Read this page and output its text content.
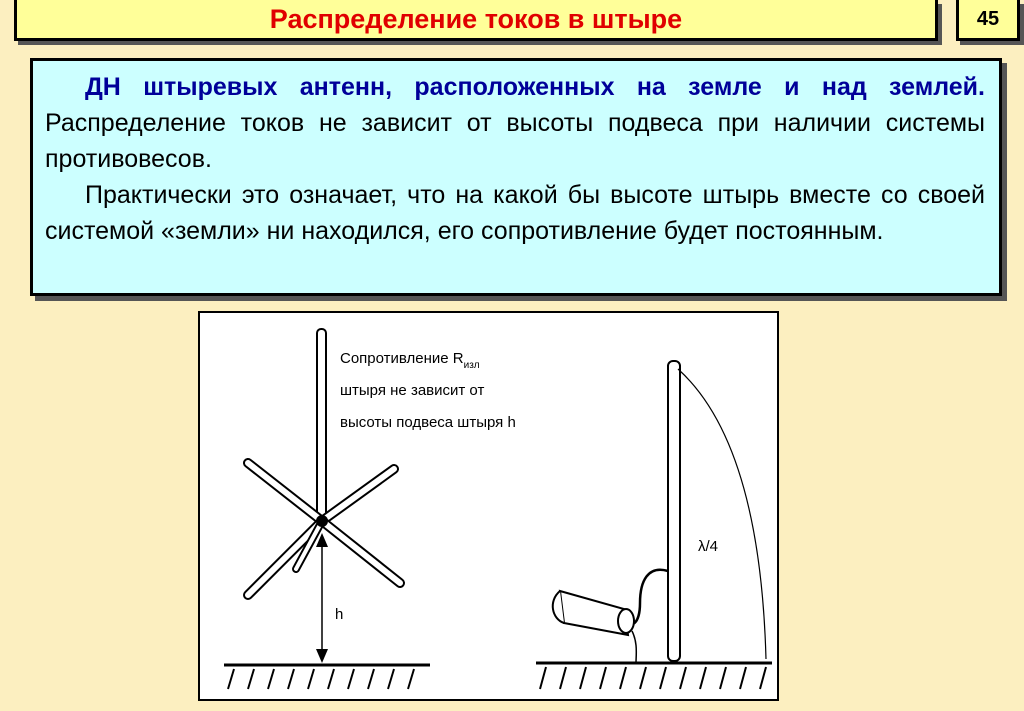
Распределение токов в штыре	45

ДН штыревых антенн, расположенных на земле и над землей. Распределение токов не зависит от высоты подвеса при наличии системы противовесов.

Практически это означает, что на какой бы высоте штырь вместе со своей системой «земли» ни находился, его сопротивление будет постоянным.

h
Сопротивление $R_{изл}$
штыря не зависит от
высоты подвеса штыря h
λ/4
